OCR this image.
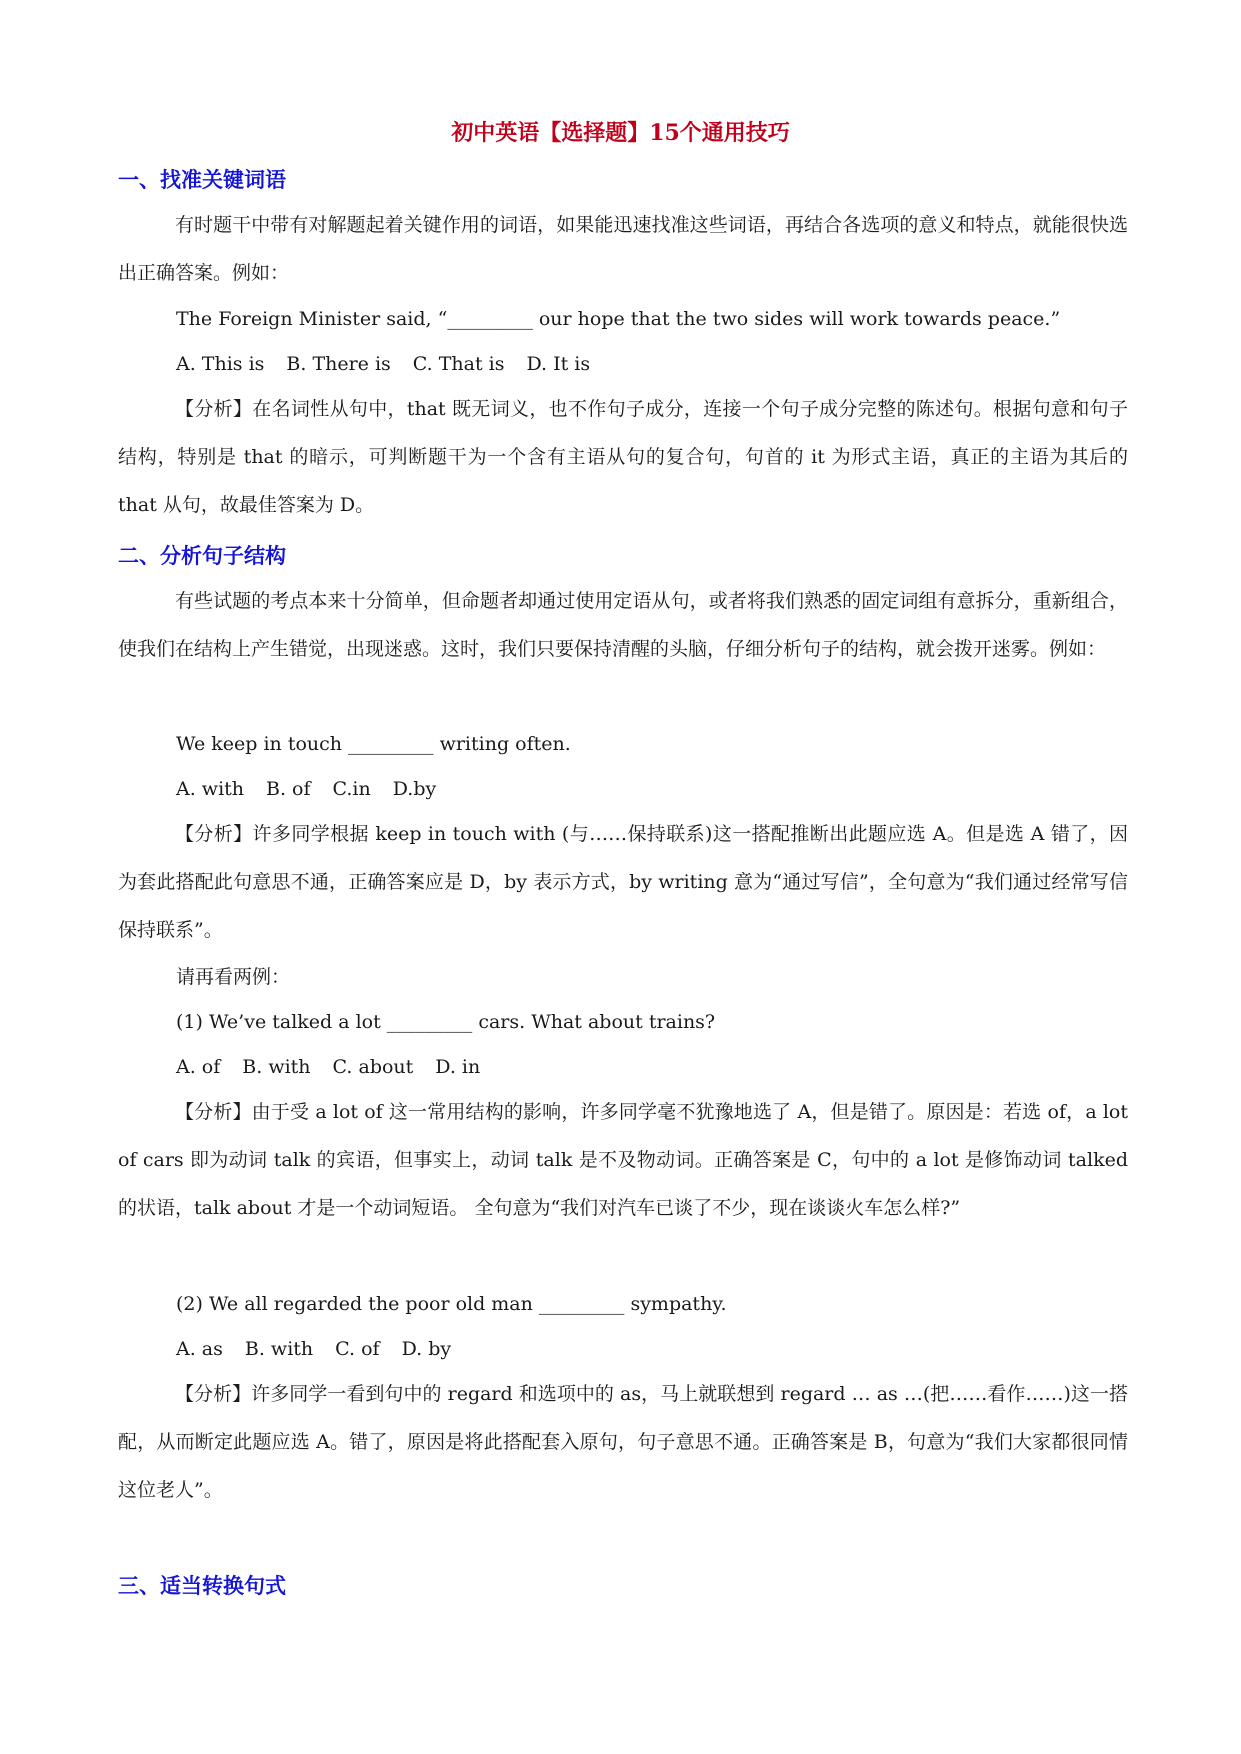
初中英语【选择题】15个通用技巧
一、找准关键词语

有时题干中带有对解题起着关键作用的词语，如果能迅速找准这些词语，再结合各选项的意义和特点，就能很快选出正确答案。例如：

The Foreign Minister said, “_________ our hope that the two sides will work towards peace.”
A. This is B. There is C. That is D. It is

【分析】在名词性从句中，that 既无词义，也不作句子成分，连接一个句子成分完整的陈述句。根据句意和句子结构，特别是 that 的暗示，可判断题干为一个含有主语从句的复合句，句首的 it 为形式主语，真正的主语为其后的 that 从句，故最佳答案为 D。

二、分析句子结构

有些试题的考点本来十分简单，但命题者却通过使用定语从句，或者将我们熟悉的固定词组有意拆分，重新组合，使我们在结构上产生错觉，出现迷惑。这时，我们只要保持清醒的头脑，仔细分析句子的结构，就会拨开迷雾。例如：

We keep in touch _________ writing often.
A. with B. of C.in D.by

【分析】许多同学根据 keep in touch with (与……保持联系)这一搭配推断出此题应选 A。但是选 A 错了，因为套此搭配此句意思不通，正确答案应是 D，by 表示方式，by writing 意为“通过写信”，全句意为“我们通过经常写信保持联系”。

请再看两例：
(1) We’ve talked a lot _________ cars. What about trains?
A. of B. with C. about D. in

【分析】由于受 a lot of 这一常用结构的影响，许多同学毫不犹豫地选了 A，但是错了。原因是：若选 of，a lot of cars 即为动词 talk 的宾语，但事实上，动词 talk 是不及物动词。正确答案是 C，句中的 a lot 是修饰动词 talked 的状语，talk about 才是一个动词短语。 全句意为“我们对汽车已谈了不少，现在谈谈火车怎么样?”

(2) We all regarded the poor old man _________ sympathy.
A. as B. with C. of D. by

【分析】许多同学一看到句中的 regard 和选项中的 as，马上就联想到 regard … as …(把……看作……)这一搭配，从而断定此题应选 A。错了，原因是将此搭配套入原句，句子意思不通。正确答案是 B，句意为“我们大家都很同情这位老人”。

三、适当转换句式
